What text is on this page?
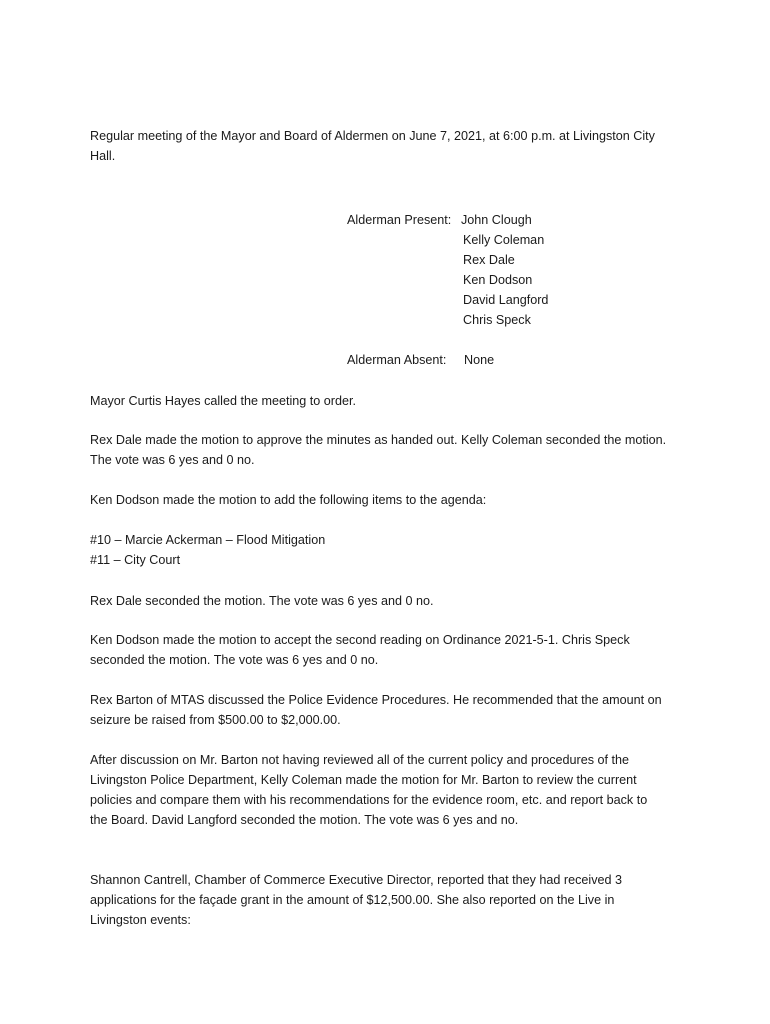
Regular meeting of the Mayor and Board of Aldermen on June 7, 2021, at 6:00 p.m. at Livingston City
Hall.
Alderman Present: John Clough
Kelly Coleman
Rex Dale
Ken Dodson
David Langford
Chris Speck
Alderman Absent: None
Mayor Curtis Hayes called the meeting to order.
Rex Dale made the motion to approve the minutes as handed out. Kelly Coleman seconded the motion.
The vote was 6 yes and 0 no.
Ken Dodson made the motion to add the following items to the agenda:
#10 – Marcie Ackerman – Flood Mitigation
#11 – City Court
Rex Dale seconded the motion. The vote was 6 yes and 0 no.
Ken Dodson made the motion to accept the second reading on Ordinance 2021-5-1. Chris Speck
seconded the motion. The vote was 6 yes and 0 no.
Rex Barton of MTAS discussed the Police Evidence Procedures. He recommended that the amount on
seizure be raised from $500.00 to $2,000.00.
After discussion on Mr. Barton not having reviewed all of the current policy and procedures of the
Livingston Police Department, Kelly Coleman made the motion for Mr. Barton to review the current
policies and compare them with his recommendations for the evidence room, etc. and report back to
the Board. David Langford seconded the motion. The vote was 6 yes and no.
Shannon Cantrell, Chamber of Commerce Executive Director, reported that they had received 3
applications for the façade grant in the amount of $12,500.00. She also reported on the Live in
Livingston events:
